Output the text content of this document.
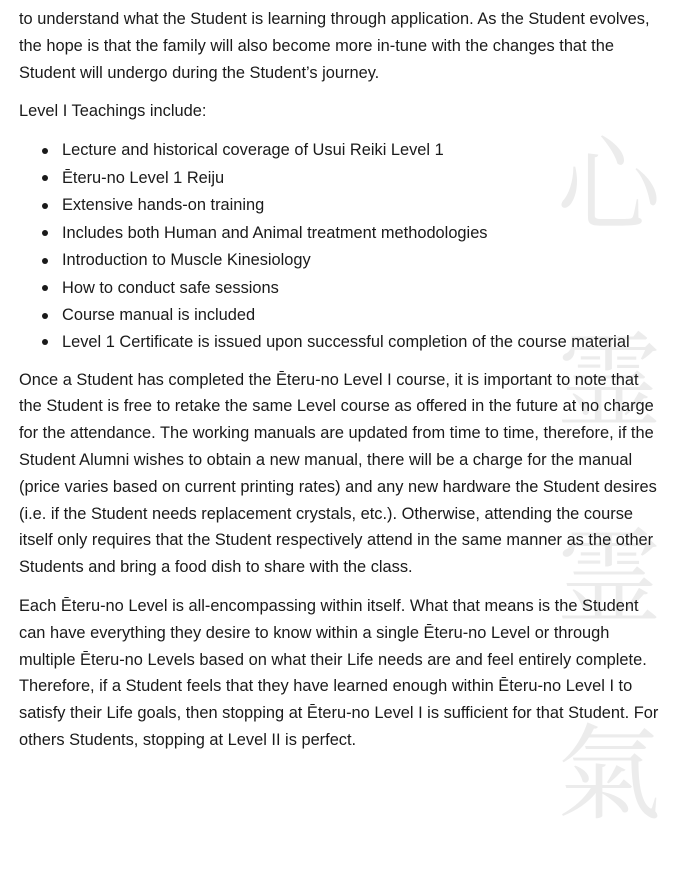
心
霊
霊
氣

to understand what the Student is learning through application. As the Student evolves, the hope is that the family will also become more in-tune with the changes that the Student will undergo during the Student’s journey.

Level I Teachings include:

Lecture and historical coverage of Usui Reiki Level 1
Ēteru-no Level 1 Reiju
Extensive hands-on training
Includes both Human and Animal treatment methodologies
Introduction to Muscle Kinesiology
How to conduct safe sessions
Course manual is included
Level 1 Certificate is issued upon successful completion of the course material

Once a Student has completed the Ēteru-no Level I course, it is important to note that the Student is free to retake the same Level course as offered in the future at no charge for the attendance. The working manuals are updated from time to time, therefore, if the Student Alumni wishes to obtain a new manual, there will be a charge for the manual (price varies based on current printing rates) and any new hardware the Student desires (i.e. if the Student needs replacement crystals, etc.). Otherwise, attending the course itself only requires that the Student respectively attend in the same manner as the other Students and bring a food dish to share with the class.

Each Ēteru-no Level is all-encompassing within itself. What that means is the Student can have everything they desire to know within a single Ēteru-no Level or through multiple Ēteru-no Levels based on what their Life needs are and feel entirely complete. Therefore, if a Student feels that they have learned enough within Ēteru-no Level I to satisfy their Life goals, then stopping at Ēteru-no Level I is sufficient for that Student. For others Students, stopping at Level II is perfect.
